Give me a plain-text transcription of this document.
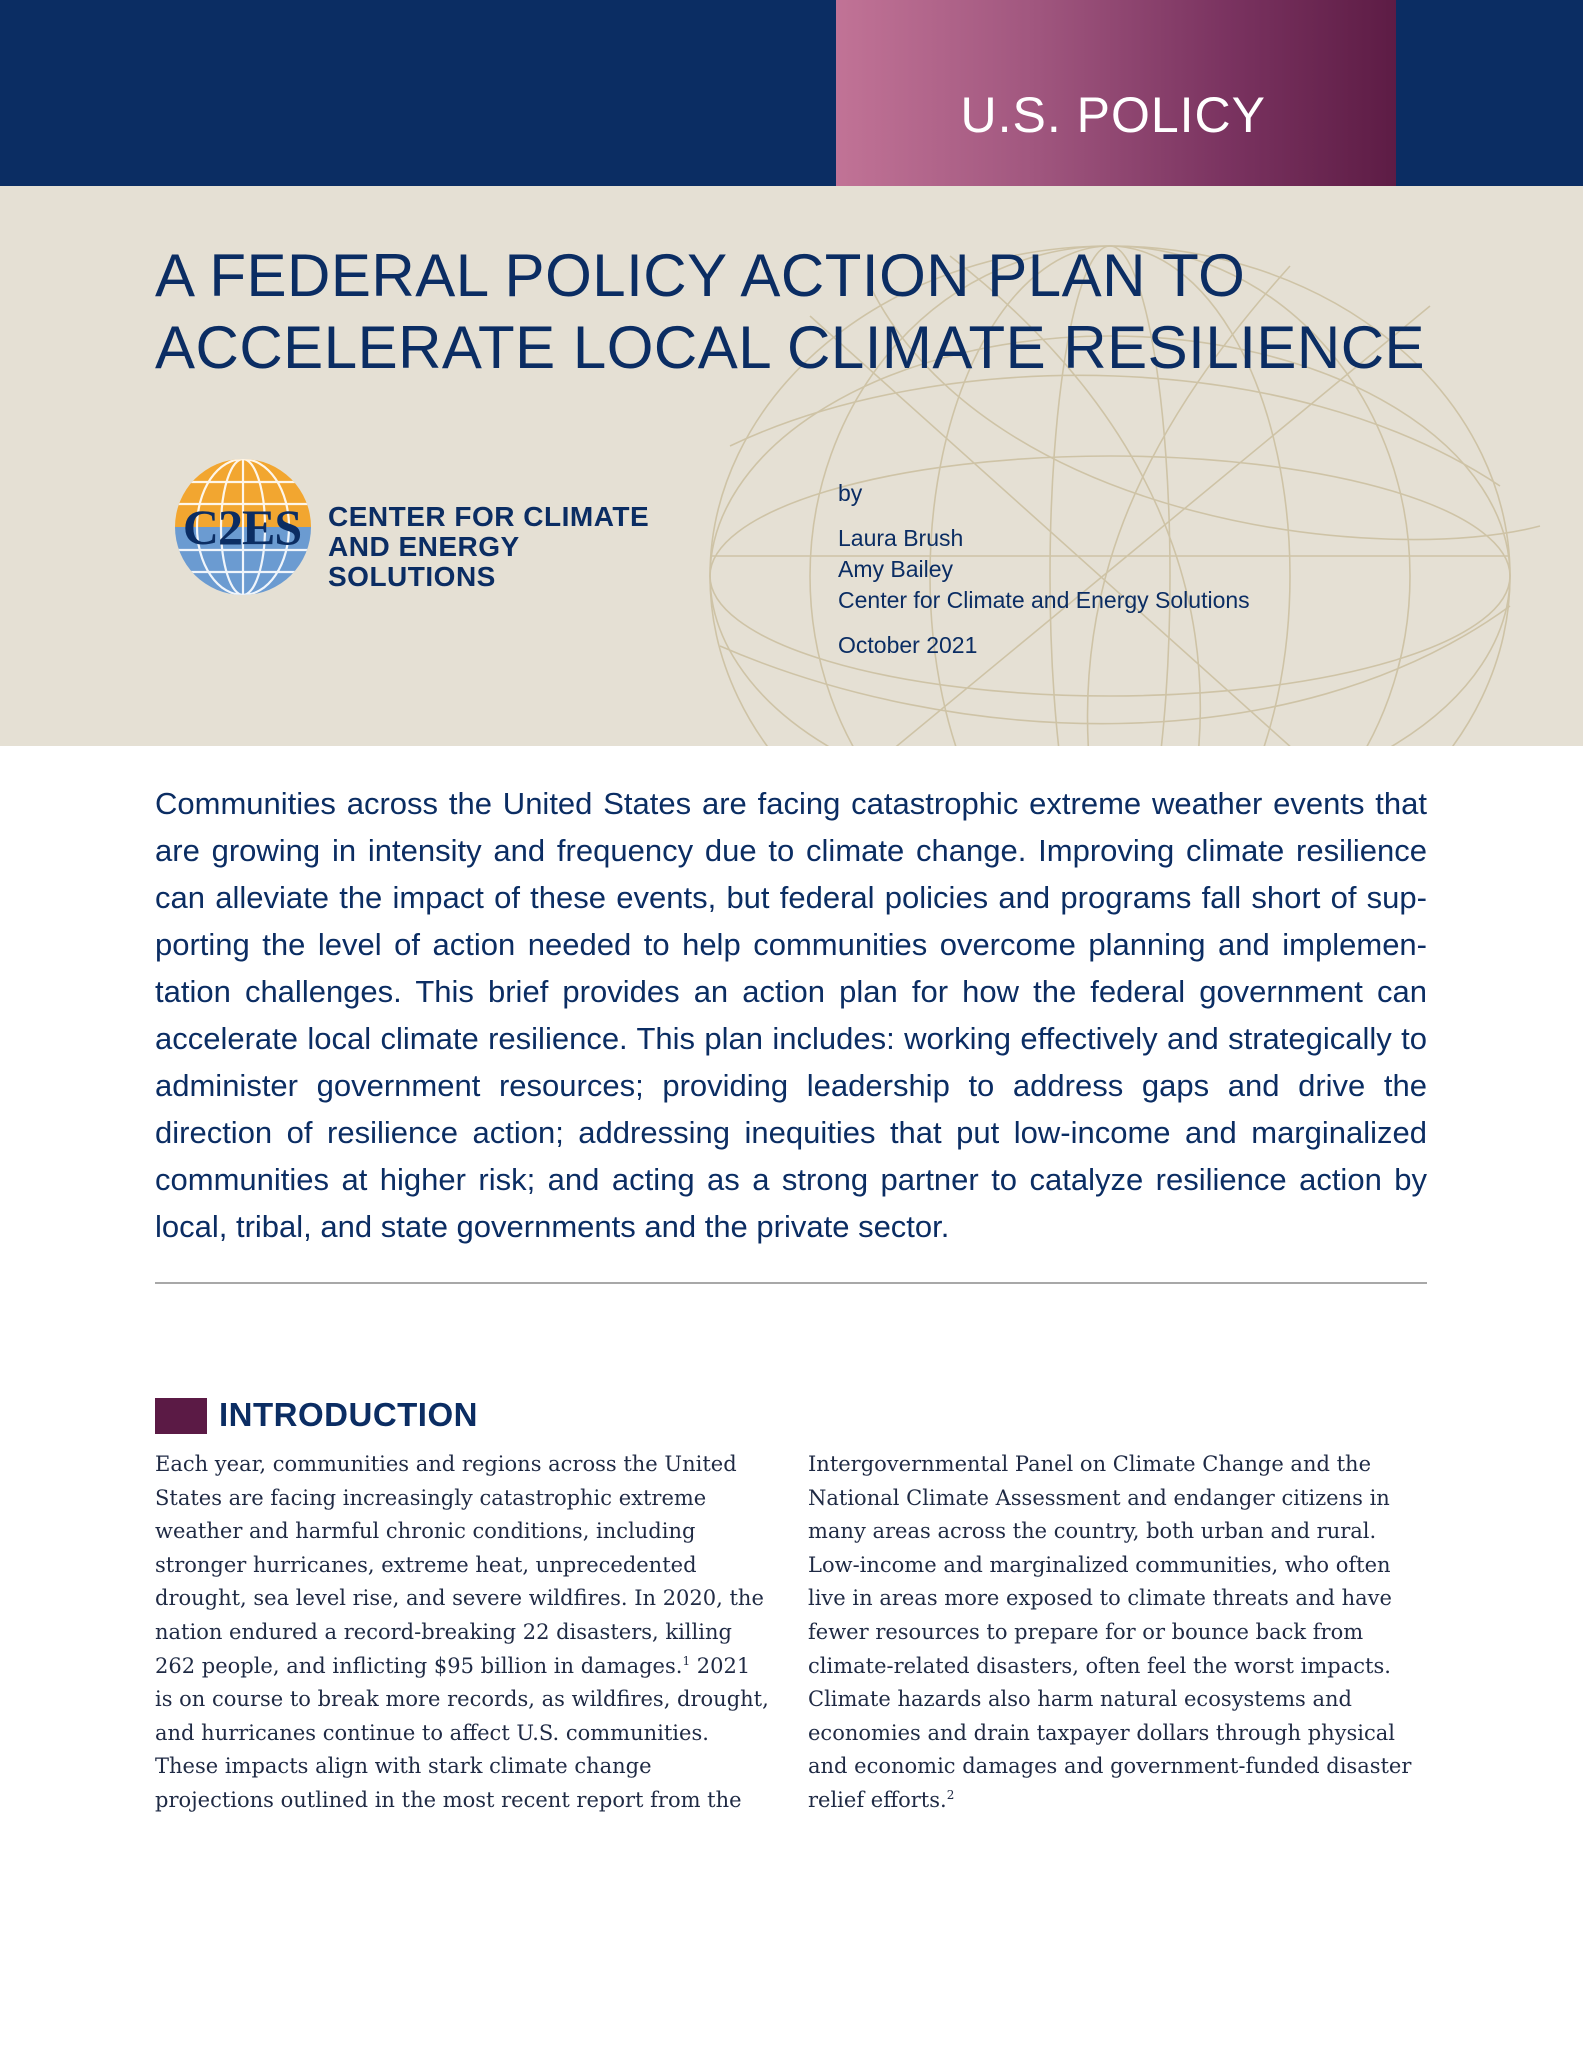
U.S. POLICY
A FEDERAL POLICY ACTION PLAN TO
ACCELERATE LOCAL CLIMATE RESILIENCE
C2ES CENTER FOR CLIMATE
AND ENERGY SOLUTIONS
by
Laura Brush
Amy Bailey
Center for Climate and Energy Solutions
October 2021

Communities across the United States are facing catastrophic extreme weather events that are growing in intensity and frequency due to climate change. Improving climate resilience can alleviate the impact of these events, but federal policies and programs fall short of supporting the level of action needed to help communities overcome planning and implementation challenges. This brief provides an action plan for how the federal government can accelerate local climate resilience. This plan includes: working effectively and strategically to administer government resources; providing leadership to address gaps and drive the direction of resilience action; addressing inequities that put low-income and marginalized communities at higher risk; and acting as a strong partner to catalyze resilience action by local, tribal, and state governments and the private sector.

INTRODUCTION
Each year, communities and regions across the United
States are facing increasingly catastrophic extreme
weather and harmful chronic conditions, including
stronger hurricanes, extreme heat, unprecedented
drought, sea level rise, and severe wildfires. In 2020, the
nation endured a record-breaking 22 disasters, killing
262 people, and inflicting $95 billion in damages.$^1$ 2021
is on course to break more records, as wildfires, drought,
and hurricanes continue to affect U.S. communities.
These impacts align with stark climate change
projections outlined in the most recent report from the
Intergovernmental Panel on Climate Change and the
National Climate Assessment and endanger citizens in
many areas across the country, both urban and rural.
Low-income and marginalized communities, who often
live in areas more exposed to climate threats and have
fewer resources to prepare for or bounce back from
climate-related disasters, often feel the worst impacts.
Climate hazards also harm natural ecosystems and
economies and drain taxpayer dollars through physical
and economic damages and government-funded disaster
relief efforts.$^2$
